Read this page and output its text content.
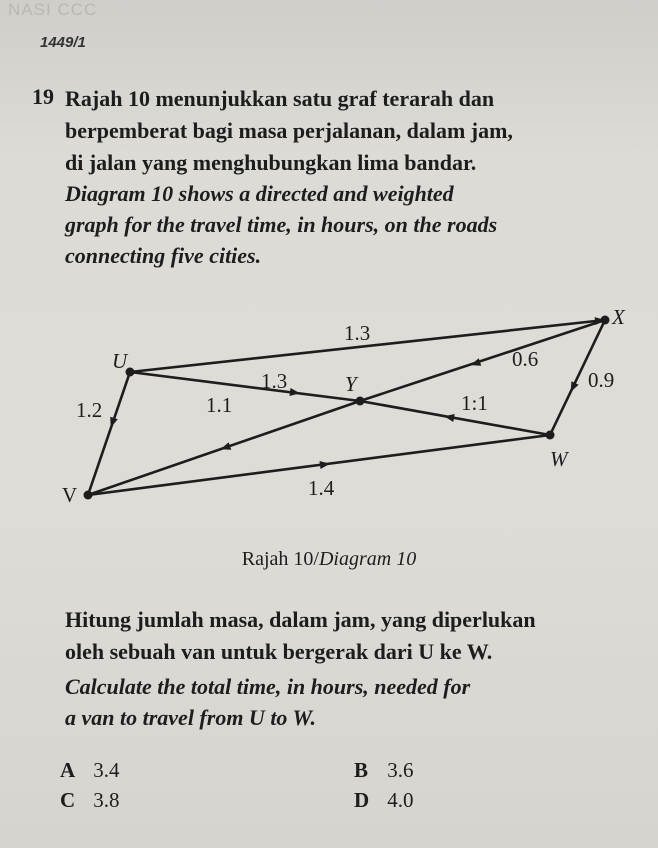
NASI CCC
1449/1
19 Rajah 10 menunjukkan satu graf terarah dan
berpemberat bagi masa perjalanan, dalam jam,
di jalan yang menghubungkan lima bandar.
Diagram 10 shows a directed and weighted
graph for the travel time, in hours, on the roads
connecting five cities.
X
U
Y
W
V
1.3
1.3
0.6
0.9
1:1
1.2	1.1
1.4
Rajah 10/Diagram 10
Hitung jumlah masa, dalam jam, yang diperlukan
oleh sebuah van untuk bergerak dari U ke W.
Calculate the total time, in hours, needed for
a van to travel from U to W.
A 3.4	B 3.6
C 3.8	D 4.0
